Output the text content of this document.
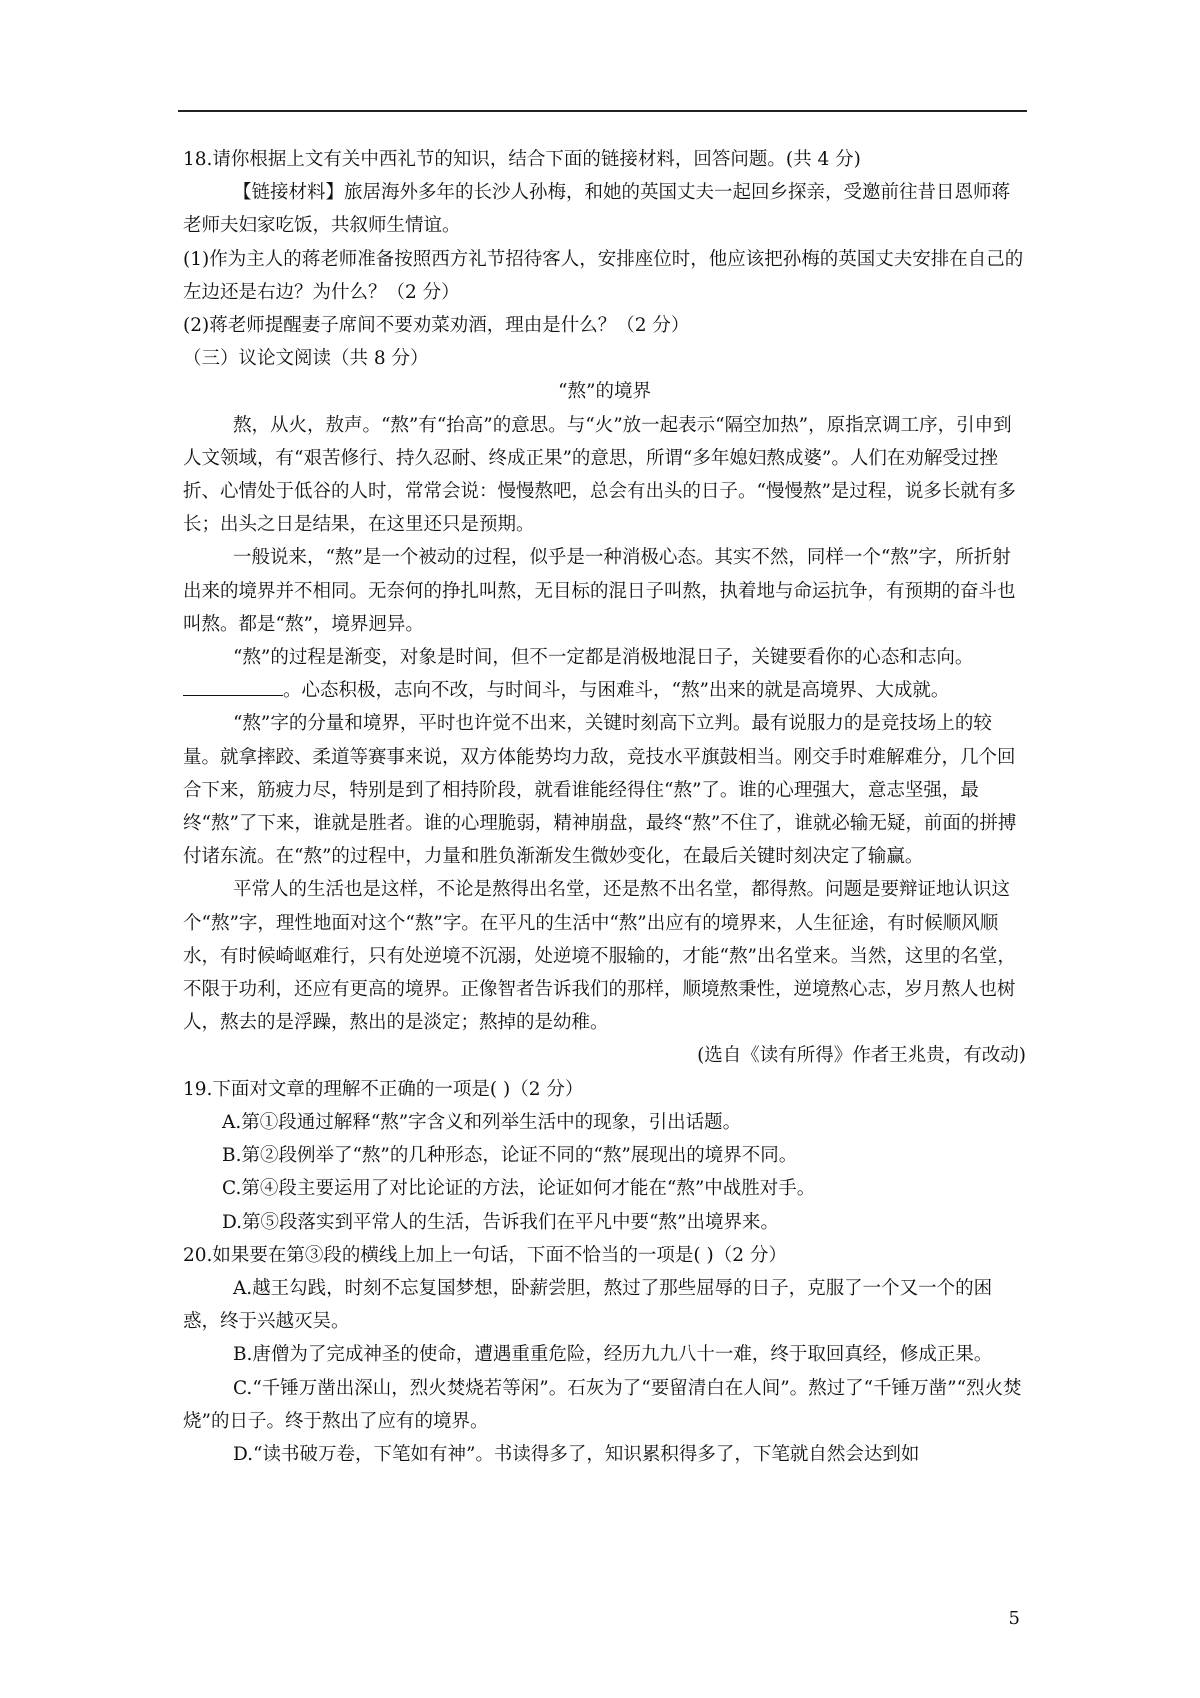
18.请你根据上文有关中西礼节的知识，结合下面的链接材料，回答问题。(共 4 分)

【链接材料】旅居海外多年的长沙人孙梅，和她的英国丈夫一起回乡探亲，受邀前往昔日恩师蒋老师夫妇家吃饭，共叙师生情谊。

(1)作为主人的蒋老师准备按照西方礼节招待客人，安排座位时，他应该把孙梅的英国丈夫安排在自己的左边还是右边？为什么？（2 分）

(2)蒋老师提醒妻子席间不要劝菜劝酒，理由是什么？（2 分）

（三）议论文阅读（共 8 分）

“熬”的境界

熬，从火，敖声。“熬”有“抬高”的意思。与“火”放一起表示“隔空加热”，原指烹调工序，引申到人文领域，有“艰苦修行、持久忍耐、终成正果”的意思，所谓“多年媳妇熬成婆”。人们在劝解受过挫折、心情处于低谷的人时，常常会说：慢慢熬吧，总会有出头的日子。“慢慢熬”是过程，说多长就有多长；出头之日是结果，在这里还只是预期。

一般说来，“熬”是一个被动的过程，似乎是一种消极心态。其实不然，同样一个“熬”字，所折射出来的境界并不相同。无奈何的挣扎叫熬，无目标的混日子叫熬，执着地与命运抗争，有预期的奋斗也叫熬。都是“熬”，境界迥异。

“熬”的过程是渐变，对象是时间，但不一定都是消极地混日子，关键要看你的心态和志向。。心态积极，志向不改，与时间斗，与困难斗，“熬”出来的就是高境界、大成就。

“熬”字的分量和境界，平时也许觉不出来，关键时刻高下立判。最有说服力的是竞技场上的较量。就拿摔跤、柔道等赛事来说，双方体能势均力敌，竞技水平旗鼓相当。刚交手时难解难分，几个回合下来，筋疲力尽，特别是到了相持阶段，就看谁能经得住“熬”了。谁的心理强大，意志坚强，最终“熬”了下来，谁就是胜者。谁的心理脆弱，精神崩盘，最终“熬”不住了，谁就必输无疑，前面的拼搏付诸东流。在“熬”的过程中，力量和胜负渐渐发生微妙变化，在最后关键时刻决定了输赢。

平常人的生活也是这样，不论是熬得出名堂，还是熬不出名堂，都得熬。问题是要辩证地认识这个“熬”字，理性地面对这个“熬”字。在平凡的生活中“熬”出应有的境界来，人生征途，有时候顺风顺水，有时候崎岖难行，只有处逆境不沉溺，处逆境不服输的，才能“熬”出名堂来。当然，这里的名堂，不限于功利，还应有更高的境界。正像智者告诉我们的那样，顺境熬秉性，逆境熬心志，岁月熬人也树人，熬去的是浮躁，熬出的是淡定；熬掉的是幼稚。

(选自《读有所得》作者王兆贵，有改动)

19.下面对文章的理解不正确的一项是( )（2 分）

A.第①段通过解释“熬”字含义和列举生活中的现象，引出话题。

B.第②段例举了“熬”的几种形态，论证不同的“熬”展现出的境界不同。

C.第④段主要运用了对比论证的方法，论证如何才能在“熬”中战胜对手。

D.第⑤段落实到平常人的生活，告诉我们在平凡中要“熬”出境界来。

20.如果要在第③段的横线上加上一句话，下面不恰当的一项是( )（2 分）

A.越王勾践，时刻不忘复国梦想，卧薪尝胆，熬过了那些屈辱的日子，克服了一个又一个的困惑，终于兴越灭吴。

B.唐僧为了完成神圣的使命，遭遇重重危险，经历九九八十一难，终于取回真经，修成正果。

C.“千锤万凿出深山，烈火焚烧若等闲”。石灰为了“要留清白在人间”。熬过了“千锤万凿”“烈火焚烧”的日子。终于熬出了应有的境界。

D.“读书破万卷，下笔如有神”。书读得多了，知识累积得多了，下笔就自然会达到如

5
